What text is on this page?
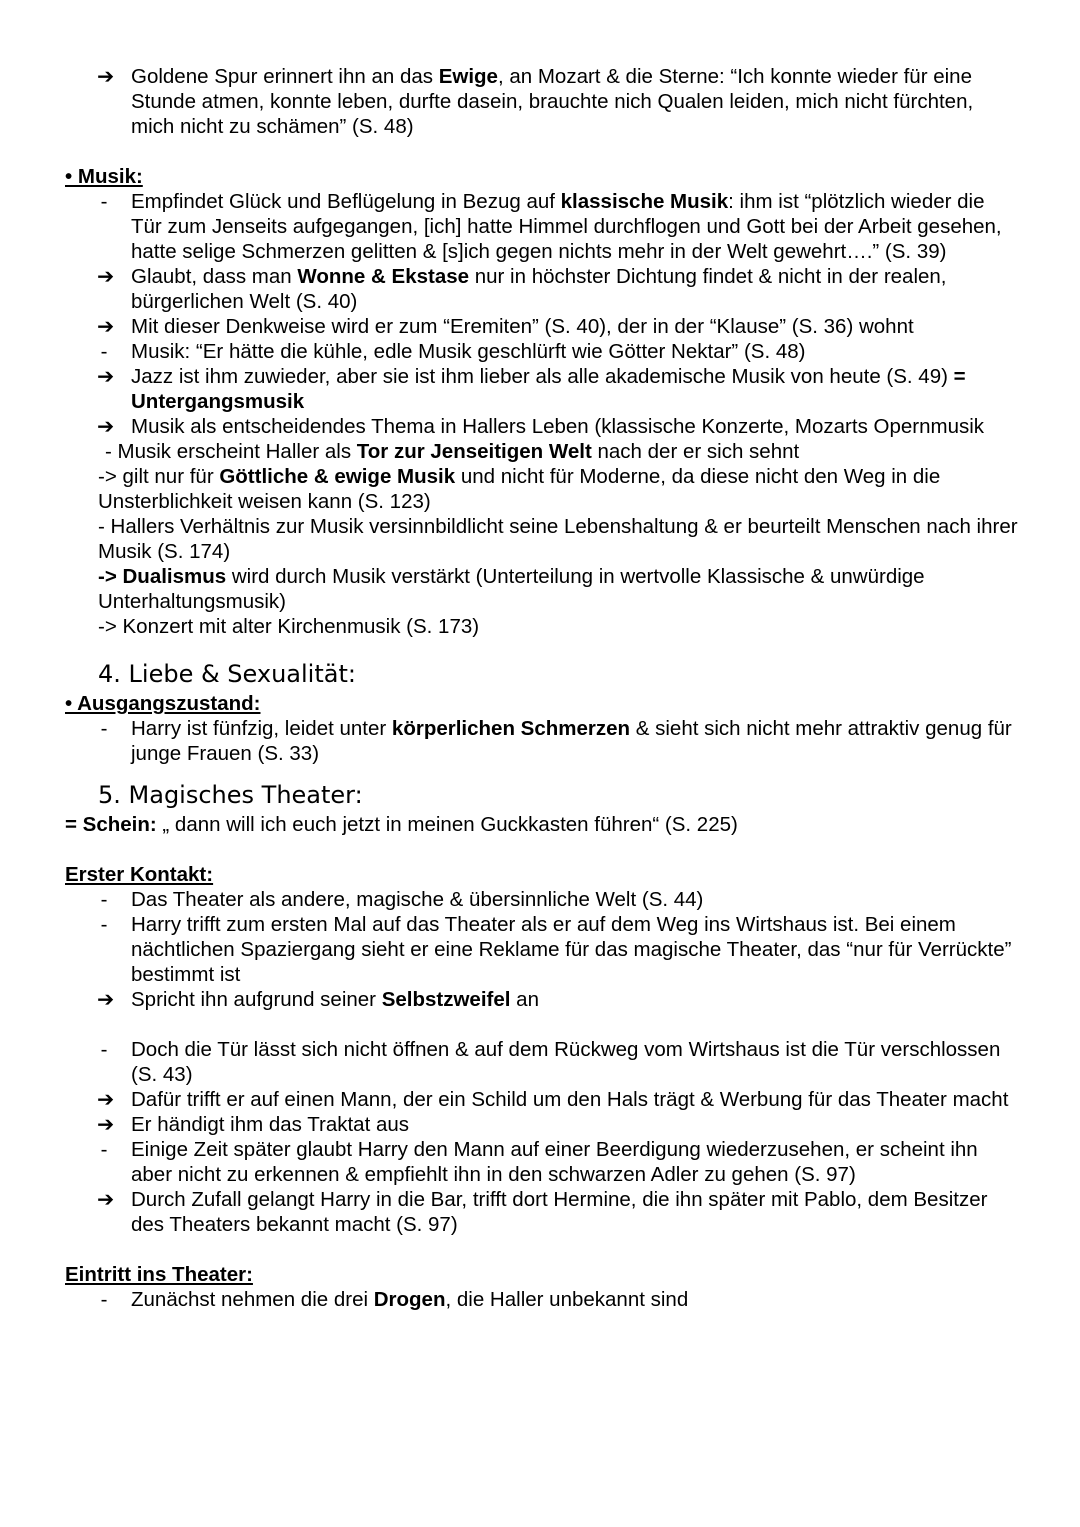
➔ Goldene Spur erinnert ihn an das Ewige, an Mozart & die Sterne: “Ich konnte wieder für eine Stunde atmen, konnte leben, durfte dasein, brauchte nich Qualen leiden, mich nicht fürchten, mich nicht zu schämen” (S. 48)
• Musik:
- Empfindet Glück und Beflügelung in Bezug auf klassische Musik: ihm ist “plötzlich wieder die Tür zum Jenseits aufgegangen, [ich] hatte Himmel durchflogen und Gott bei der Arbeit gesehen, hatte selige Schmerzen gelitten & [s]ich gegen nichts mehr in der Welt gewehrt….” (S. 39)
➔ Glaubt, dass man Wonne & Ekstase nur in höchster Dichtung findet & nicht in der realen, bürgerlichen Welt (S. 40)
➔ Mit dieser Denkweise wird er zum “Eremiten” (S. 40), der in der “Klause” (S. 36) wohnt
- Musik: “Er hätte die kühle, edle Musik geschlürft wie Götter Nektar” (S. 48)
➔ Jazz ist ihm zuwieder, aber sie ist ihm lieber als alle akademische Musik von heute (S. 49) = Untergangsmusik
➔ Musik als entscheidendes Thema in Hallers Leben (klassische Konzerte, Mozarts Opernmusik
- Musik erscheint Haller als Tor zur Jenseitigen Welt nach der er sich sehnt
-> gilt nur für Göttliche & ewige Musik und nicht für Moderne, da diese nicht den Weg in die Unsterblichkeit weisen kann (S. 123)
- Hallers Verhältnis zur Musik versinnbildlicht seine Lebenshaltung & er beurteilt Menschen nach ihrer Musik (S. 174)
-> Dualismus wird durch Musik verstärkt (Unterteilung in wertvolle Klassische & unwürdige Unterhaltungsmusik)
-> Konzert mit alter Kirchenmusik (S. 173)
4. Liebe & Sexualität:
• Ausgangszustand:
- Harry ist fünfzig, leidet unter körperlichen Schmerzen & sieht sich nicht mehr attraktiv genug für junge Frauen (S. 33)
5. Magisches Theater:
= Schein: „ dann will ich euch jetzt in meinen Guckkasten führen“ (S. 225)
Erster Kontakt:
- Das Theater als andere, magische & übersinnliche Welt (S. 44)
- Harry trifft zum ersten Mal auf das Theater als er auf dem Weg ins Wirtshaus ist. Bei einem nächtlichen Spaziergang sieht er eine Reklame für das magische Theater, das “nur für Verrückte” bestimmt ist
➔ Spricht ihn aufgrund seiner Selbstzweifel an
- Doch die Tür lässt sich nicht öffnen & auf dem Rückweg vom Wirtshaus ist die Tür verschlossen (S. 43)
➔ Dafür trifft er auf einen Mann, der ein Schild um den Hals trägt & Werbung für das Theater macht
➔ Er händigt ihm das Traktat aus
- Einige Zeit später glaubt Harry den Mann auf einer Beerdigung wiederzusehen, er scheint ihn aber nicht zu erkennen & empfiehlt ihn in den schwarzen Adler zu gehen (S. 97)
➔ Durch Zufall gelangt Harry in die Bar, trifft dort Hermine, die ihn später mit Pablo, dem Besitzer des Theaters bekannt macht (S. 97)
Eintritt ins Theater:
- Zunächst nehmen die drei Drogen, die Haller unbekannt sind
